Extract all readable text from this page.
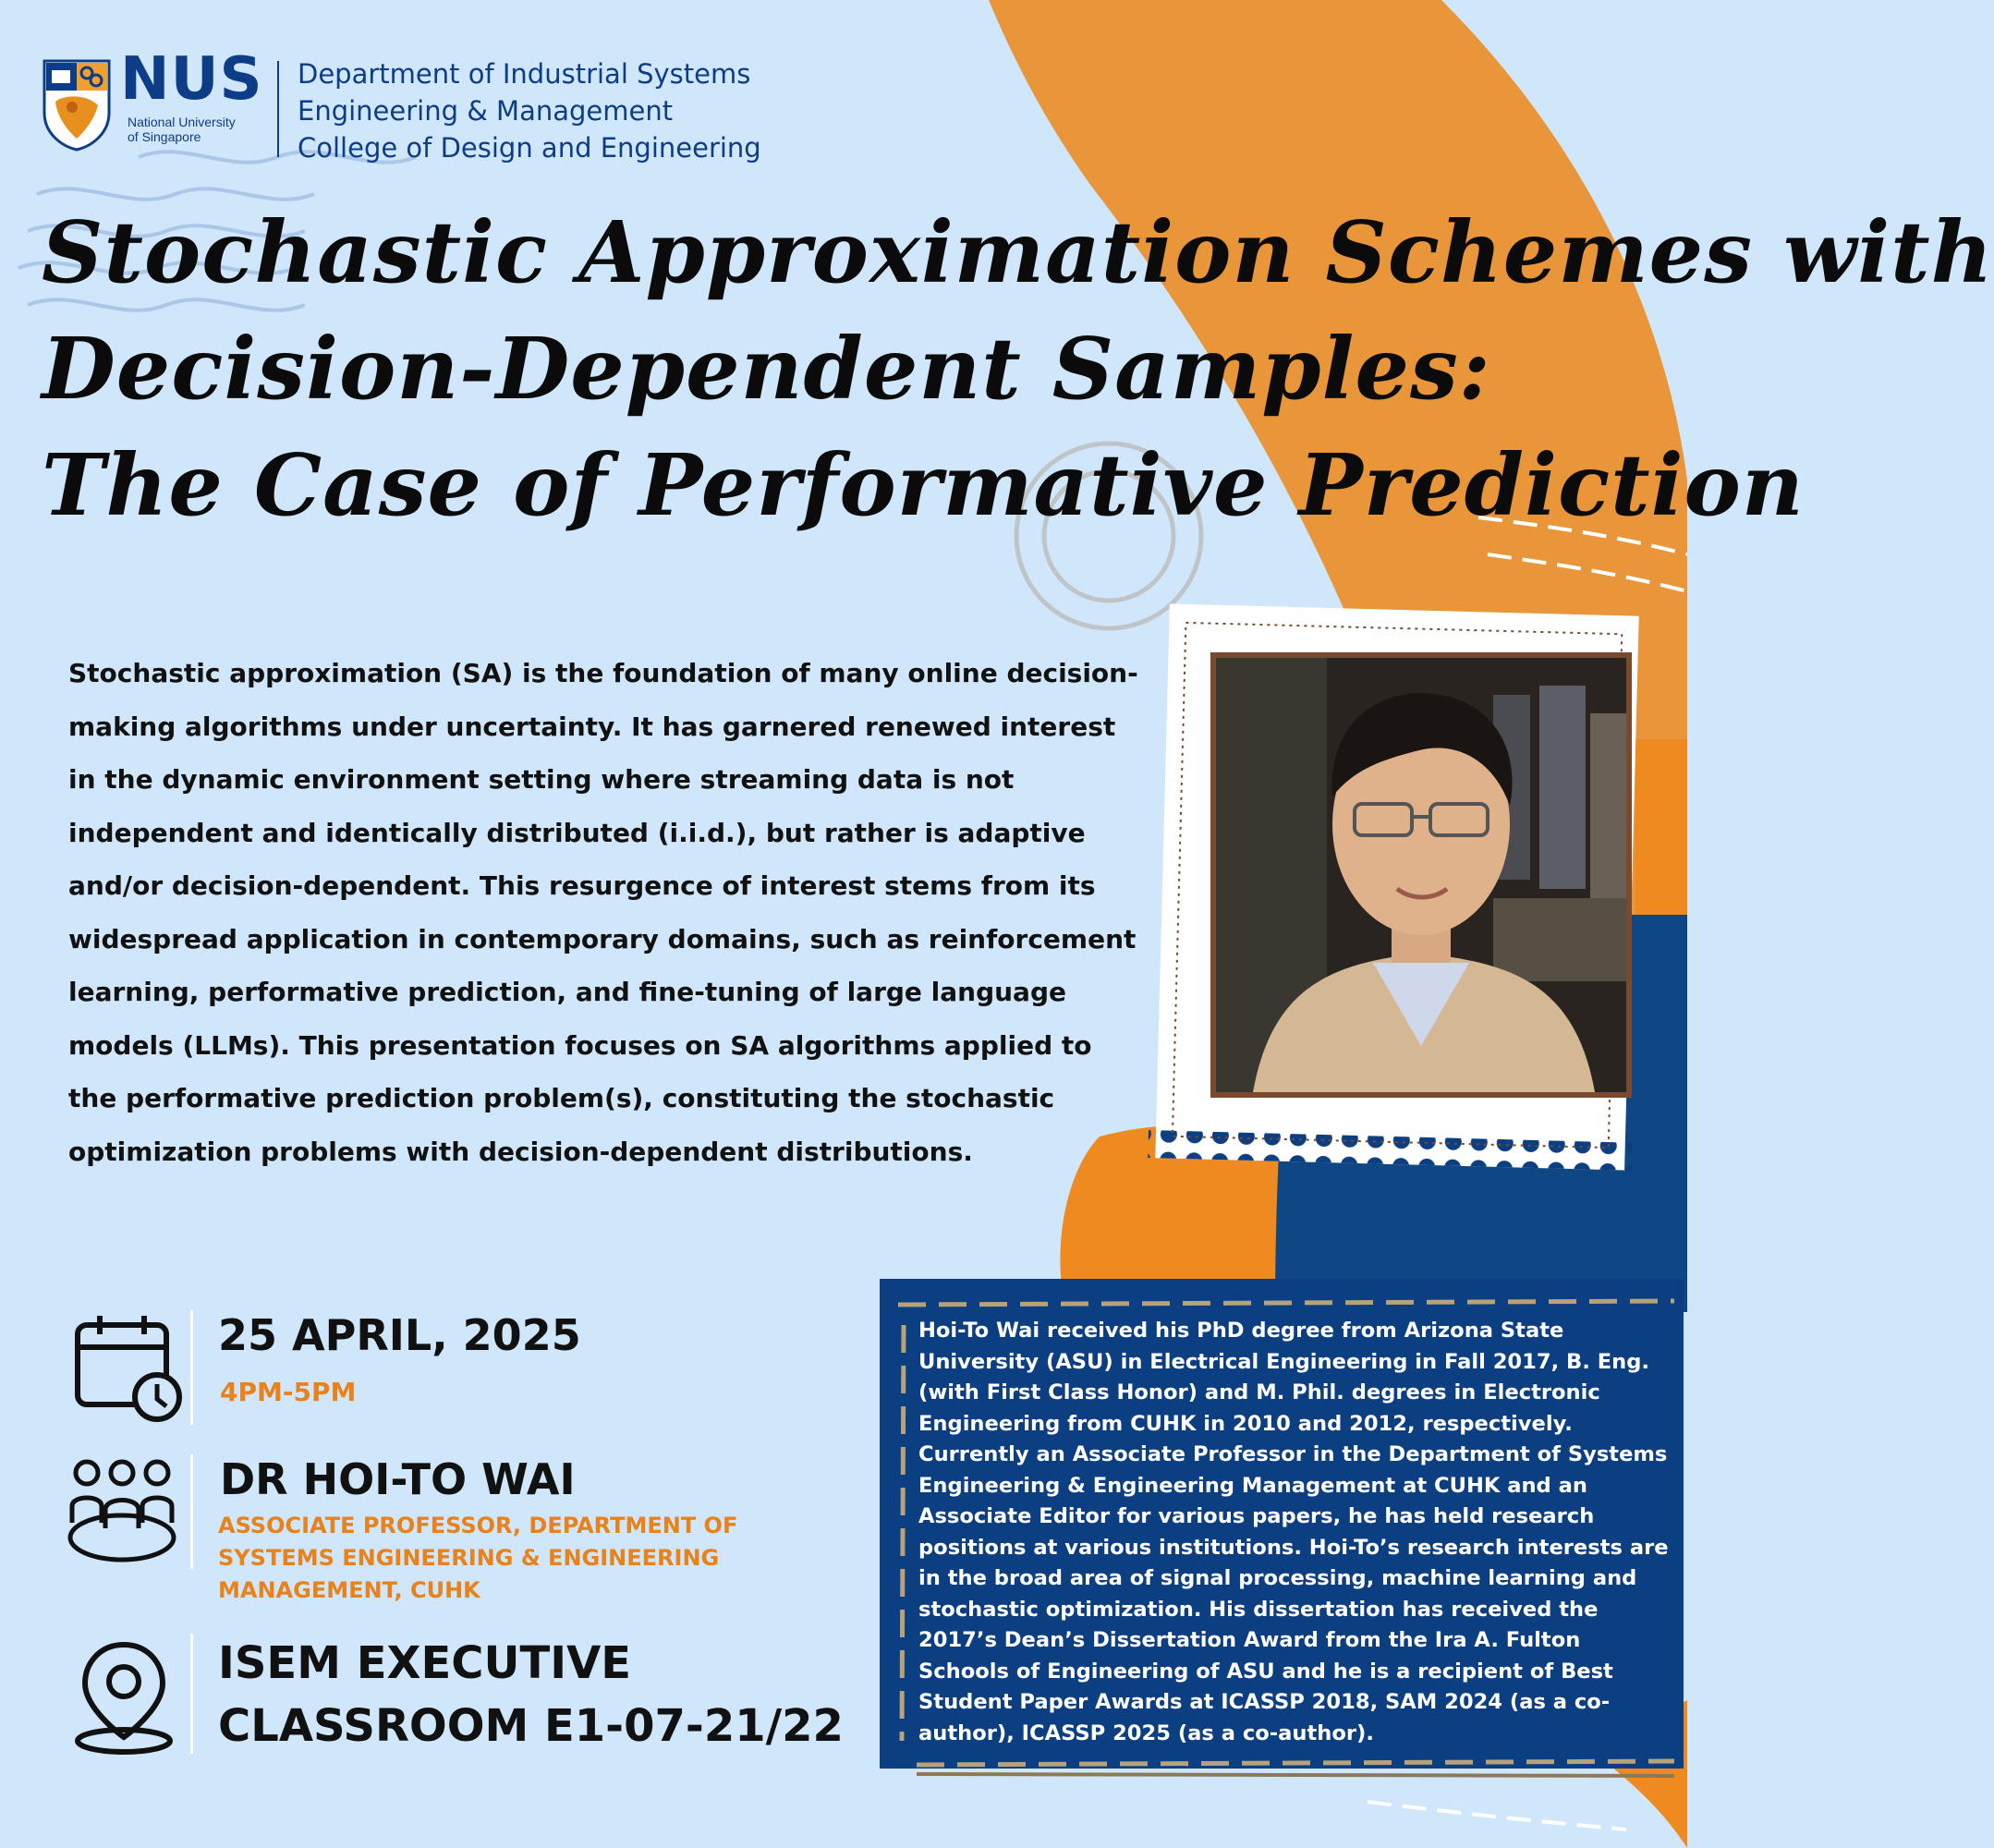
NUS
National University
of Singapore
Department of Industrial Systems
Engineering & Management
College of Design and Engineering
Stochastic Approximation Schemes with
Decision-Dependent Samples:
The Case of Performative Prediction
Stochastic approximation (SA) is the foundation of many online decision-making algorithms under uncertainty. It has garnered renewed interest in the dynamic environment setting where streaming data is not independent and identically distributed (i.i.d.), but rather is adaptive and/or decision-dependent. This resurgence of interest stems from its widespread application in contemporary domains, such as reinforcement learning, performative prediction, and fine-tuning of large language models (LLMs). This presentation focuses on SA algorithms applied to the performative prediction problem(s), constituting the stochastic optimization problems with decision-dependent distributions.
25 APRIL, 2025
4PM-5PM
DR HOI-TO WAI
ASSOCIATE PROFESSOR, DEPARTMENT OF SYSTEMS ENGINEERING & ENGINEERING MANAGEMENT, CUHK
ISEM EXECUTIVE
CLASSROOM E1-07-21/22
Hoi-To Wai received his PhD degree from Arizona State University (ASU) in Electrical Engineering in Fall 2017, B. Eng. (with First Class Honor) and M. Phil. degrees in Electronic Engineering from CUHK in 2010 and 2012, respectively. Currently an Associate Professor in the Department of Systems Engineering & Engineering Management at CUHK and an Associate Editor for various papers, he has held research positions at various institutions. Hoi-To’s research interests are in the broad area of signal processing, machine learning and stochastic optimization. His dissertation has received the 2017’s Dean’s Dissertation Award from the Ira A. Fulton Schools of Engineering of ASU and he is a recipient of Best Student Paper Awards at ICASSP 2018, SAM 2024 (as a co-author), ICASSP 2025 (as a co-author).
